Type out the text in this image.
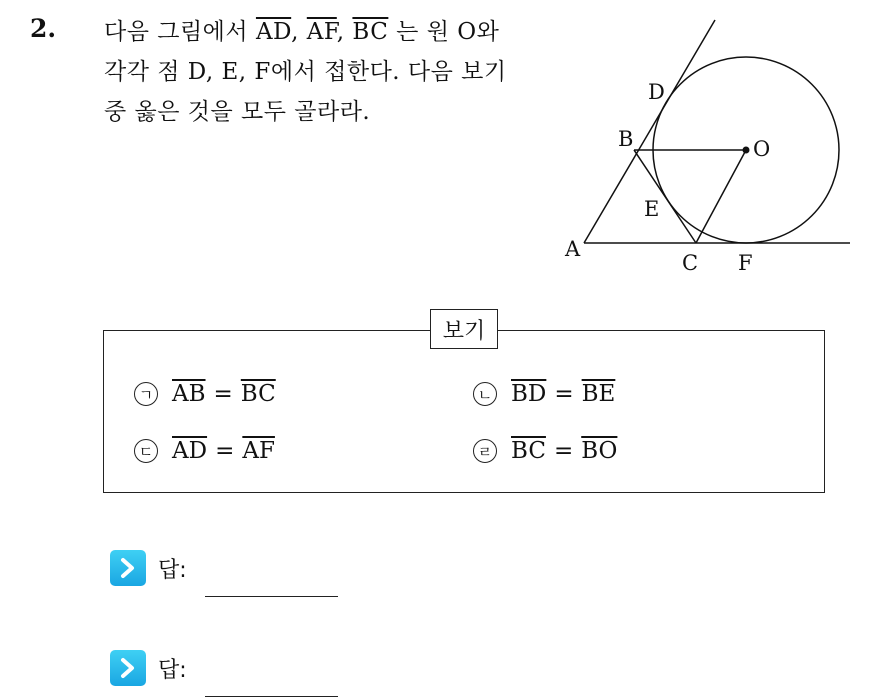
2. 다음 그림에서 $\overline{AD}$, $\overline{AF}$, $\overline{BC}$ 는 원 O와
각각 점 D, E, F에서 접한다. 다음 보기
중 옳은 것을 모두 골라라.
D
B	O
E
A
C F
보기
ㄱ $\overline{AB} = \overline{BC}$	ㄴ $\overline{BD} = \overline{BE}$
ㄷ $\overline{AD} = \overline{AF}$	ㄹ $\overline{BC} = \overline{BO}$
답:
답:
